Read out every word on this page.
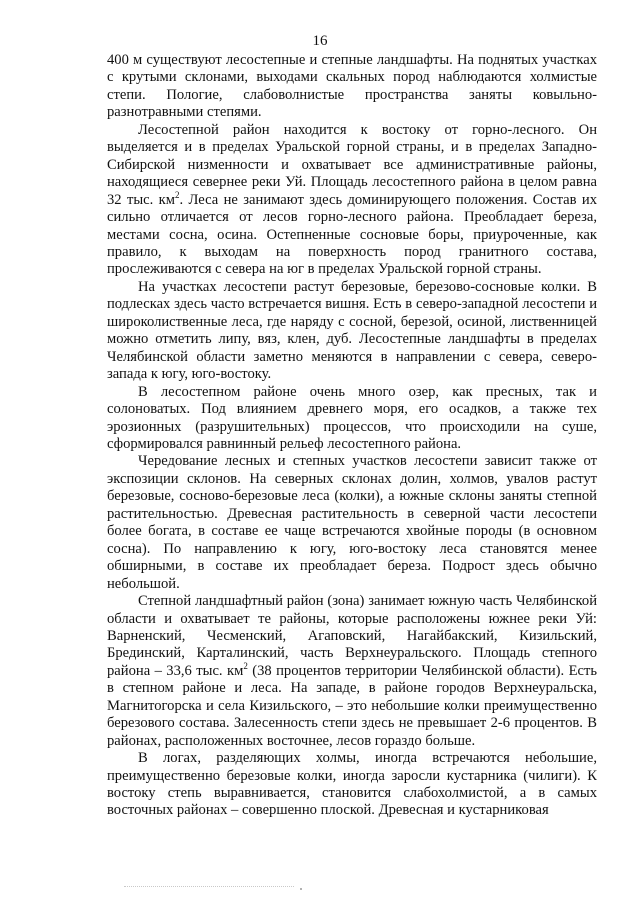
16

400 м существуют лесостепные и степные ландшафты. На поднятых участках с крутыми склонами, выходами скальных пород наблюдаются холмистые степи. Пологие, слабоволнистые пространства заняты ковыльно-разнотравными степями.

Лесостепной район находится к востоку от горно-лесного. Он выделяется и в пределах Уральской горной страны, и в пределах Западно-Сибирской низменности и охватывает все административные районы, находящиеся севернее реки Уй. Площадь лесостепного района в целом равна 32 тыс. $км^2$. Леса не занимают здесь доминирующего положения. Состав их сильно отличается от лесов горно-лесного района. Преобладает береза, местами сосна, осина. Остепненные сосновые боры, приуроченные, как правило, к выходам на поверхность пород гранитного состава, прослеживаются с севера на юг в пределах Уральской горной страны.

На участках лесостепи растут березовые, березово-сосновые колки. В подлесках здесь часто встречается вишня. Есть в северо-западной лесостепи и широколиственные леса, где наряду с сосной, березой, осиной, лиственницей можно отметить липу, вяз, клен, дуб. Лесостепные ландшафты в пределах Челябинской области заметно меняются в направлении с севера, северо-запада к югу, юго-востоку.

В лесостепном районе очень много озер, как пресных, так и солоноватых. Под влиянием древнего моря, его осадков, а также тех эрозионных (разрушительных) процессов, что происходили на суше, сформировался равнинный рельеф лесостепного района.

Чередование лесных и степных участков лесостепи зависит также от экспозиции склонов. На северных склонах долин, холмов, увалов растут березовые, сосново-березовые леса (колки), а южные склоны заняты степной растительностью. Древесная растительность в северной части лесостепи более богата, в составе ее чаще встречаются хвойные породы (в основном сосна). По направлению к югу, юго-востоку леса становятся менее обширными, в составе их преобладает береза. Подрост здесь обычно небольшой.

Степной ландшафтный район (зона) занимает южную часть Челябинской области и охватывает те районы, которые расположены южнее реки Уй: Варненский, Чесменский, Агаповский, Нагайбакский, Кизильский, Брединский, Карталинский, часть Верхнеуральского. Площадь степного района – 33,6 тыс. $км^2$ (38 процентов территории Челябинской области). Есть в степном районе и леса. На западе, в районе городов Верхнеуральска, Магнитогорска и села Кизильского, – это небольшие колки преимущественно березового состава. Залесенность степи здесь не превышает 2-6 процентов. В районах, расположенных восточнее, лесов гораздо больше.

В логах, разделяющих холмы, иногда встречаются небольшие, преимущественно березовые колки, иногда заросли кустарника (чилиги). К востоку степь выравнивается, становится слабохолмистой, а в самых восточных районах – совершенно плоской. Древесная и кустарниковая
